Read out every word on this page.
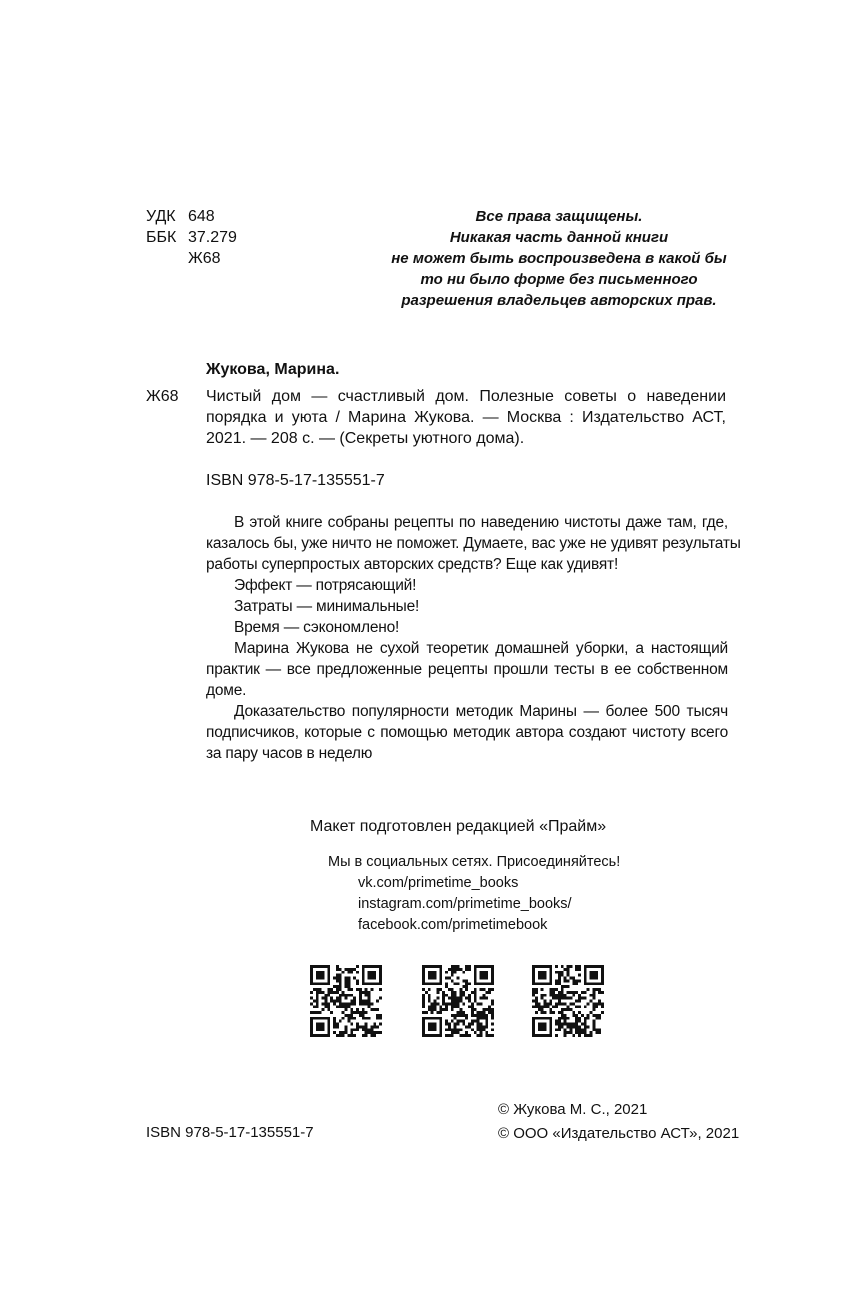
УДК 648
ББК 37.279
Ж68
Все права защищены.
Никакая часть данной книги
не может быть воспроизведена в какой бы
то ни было форме без письменного
разрешения владельцев авторских прав.
Жукова, Марина.
Ж68 Чистый дом — счастливый дом. Полезные советы о наведении
порядка и уюта / Марина Жукова. — Москва : Издательство АСТ,
2021. — 208 с. — (Секреты уютного дома).
ISBN 978-5-17-135551-7
В этой книге собраны рецепты по наведению чистоты даже там, где,
казалось бы, уже ничто не поможет. Думаете, вас уже не удивят результаты
работы суперпростых авторских средств? Еще как удивят!
Эффект — потрясающий!
Затраты — минимальные!
Время — сэкономлено!
Марина Жукова не сухой теоретик домашней уборки, а настоящий
практик — все предложенные рецепты прошли тесты в ее собственном
доме.
Доказательство популярности методик Марины — более 500 тысяч
подписчиков, которые с помощью методик автора создают чистоту всего
за пару часов в неделю
Макет подготовлен редакцией «Прайм»
Мы в социальных сетях. Присоединяйтесь!
vk.com/primetime_books
instagram.com/primetime_books/
facebook.com/primetimebook
ISBN 978-5-17-135551-7
© Жукова М. С., 2021
© ООО «Издательство АСТ», 2021
